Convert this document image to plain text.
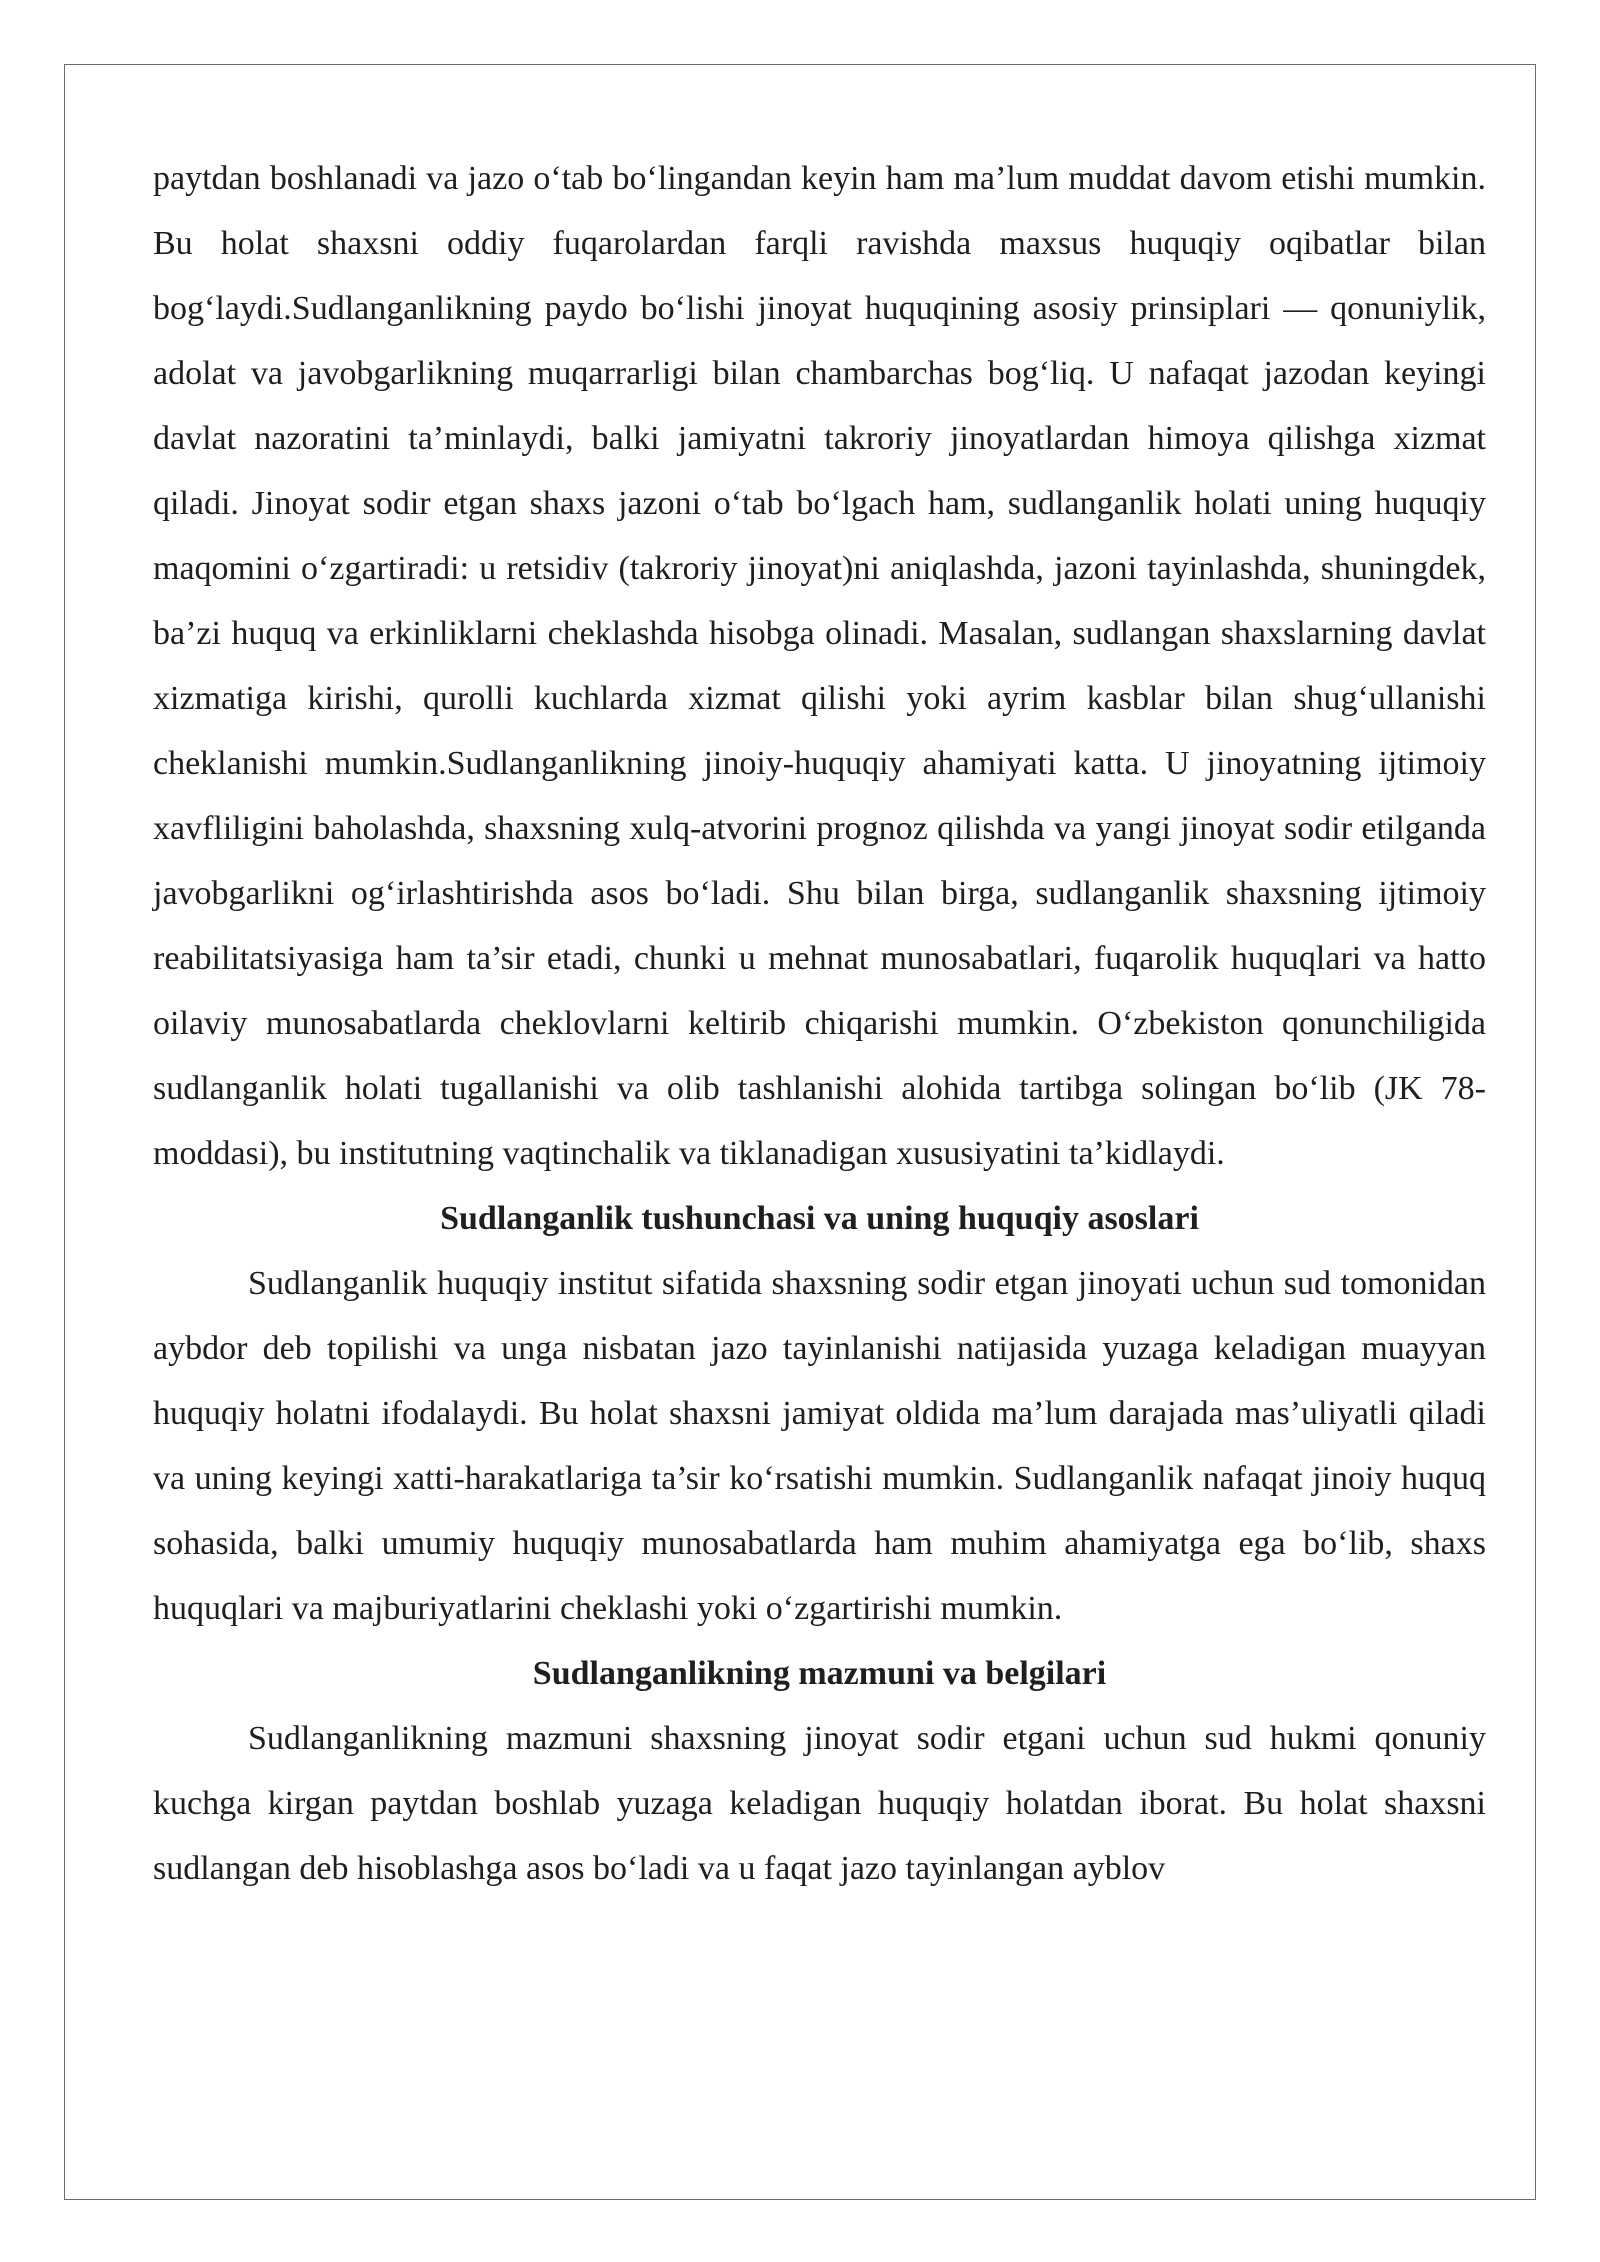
paytdan boshlanadi va jazo o‘tab bo‘lingandan keyin ham ma’lum muddat davom etishi mumkin. Bu holat shaxsni oddiy fuqarolardan farqli ravishda maxsus huquqiy oqibatlar bilan bog‘laydi.Sudlanganlikning paydo bo‘lishi jinoyat huquqining asosiy prinsiplari — qonuniylik, adolat va javobgarlikning muqarrarligi bilan chambarchas bog‘liq. U nafaqat jazodan keyingi davlat nazoratini ta’minlaydi, balki jamiyatni takroriy jinoyatlardan himoya qilishga xizmat qiladi. Jinoyat sodir etgan shaxs jazoni o‘tab bo‘lgach ham, sudlanganlik holati uning huquqiy maqomini o‘zgartiradi: u retsidiv (takroriy jinoyat)ni aniqlashda, jazoni tayinlashda, shuningdek, ba’zi huquq va erkinliklarni cheklashda hisobga olinadi. Masalan, sudlangan shaxslarning davlat xizmatiga kirishi, qurolli kuchlarda xizmat qilishi yoki ayrim kasblar bilan shug‘ullanishi cheklanishi mumkin.Sudlanganlikning jinoiy-huquqiy ahamiyati katta. U jinoyatning ijtimoiy xavfliligini baholashda, shaxsning xulq-atvorini prognoz qilishda va yangi jinoyat sodir etilganda javobgarlikni og‘irlashtirishda asos bo‘ladi. Shu bilan birga, sudlanganlik shaxsning ijtimoiy reabilitatsiyasiga ham ta’sir etadi, chunki u mehnat munosabatlari, fuqarolik huquqlari va hatto oilaviy munosabatlarda cheklovlarni keltirib chiqarishi mumkin. O‘zbekiston qonunchiligida sudlanganlik holati tugallanishi va olib tashlanishi alohida tartibga solingan bo‘lib (JK 78-moddasi), bu institutning vaqtinchalik va tiklanadigan xususiyatini ta’kidlaydi.

Sudlanganlik tushunchasi va uning huquqiy asoslari

Sudlanganlik huquqiy institut sifatida shaxsning sodir etgan jinoyati uchun sud tomonidan aybdor deb topilishi va unga nisbatan jazo tayinlanishi natijasida yuzaga keladigan muayyan huquqiy holatni ifodalaydi. Bu holat shaxsni jamiyat oldida ma’lum darajada mas’uliyatli qiladi va uning keyingi xatti-harakatlariga ta’sir ko‘rsatishi mumkin. Sudlanganlik nafaqat jinoiy huquq sohasida, balki umumiy huquqiy munosabatlarda ham muhim ahamiyatga ega bo‘lib, shaxs huquqlari va majburiyatlarini cheklashi yoki o‘zgartirishi mumkin.

Sudlanganlikning mazmuni va belgilari

Sudlanganlikning mazmuni shaxsning jinoyat sodir etgani uchun sud hukmi qonuniy kuchga kirgan paytdan boshlab yuzaga keladigan huquqiy holatdan iborat. Bu holat shaxsni sudlangan deb hisoblashga asos bo‘ladi va u faqat jazo tayinlangan ayblov
